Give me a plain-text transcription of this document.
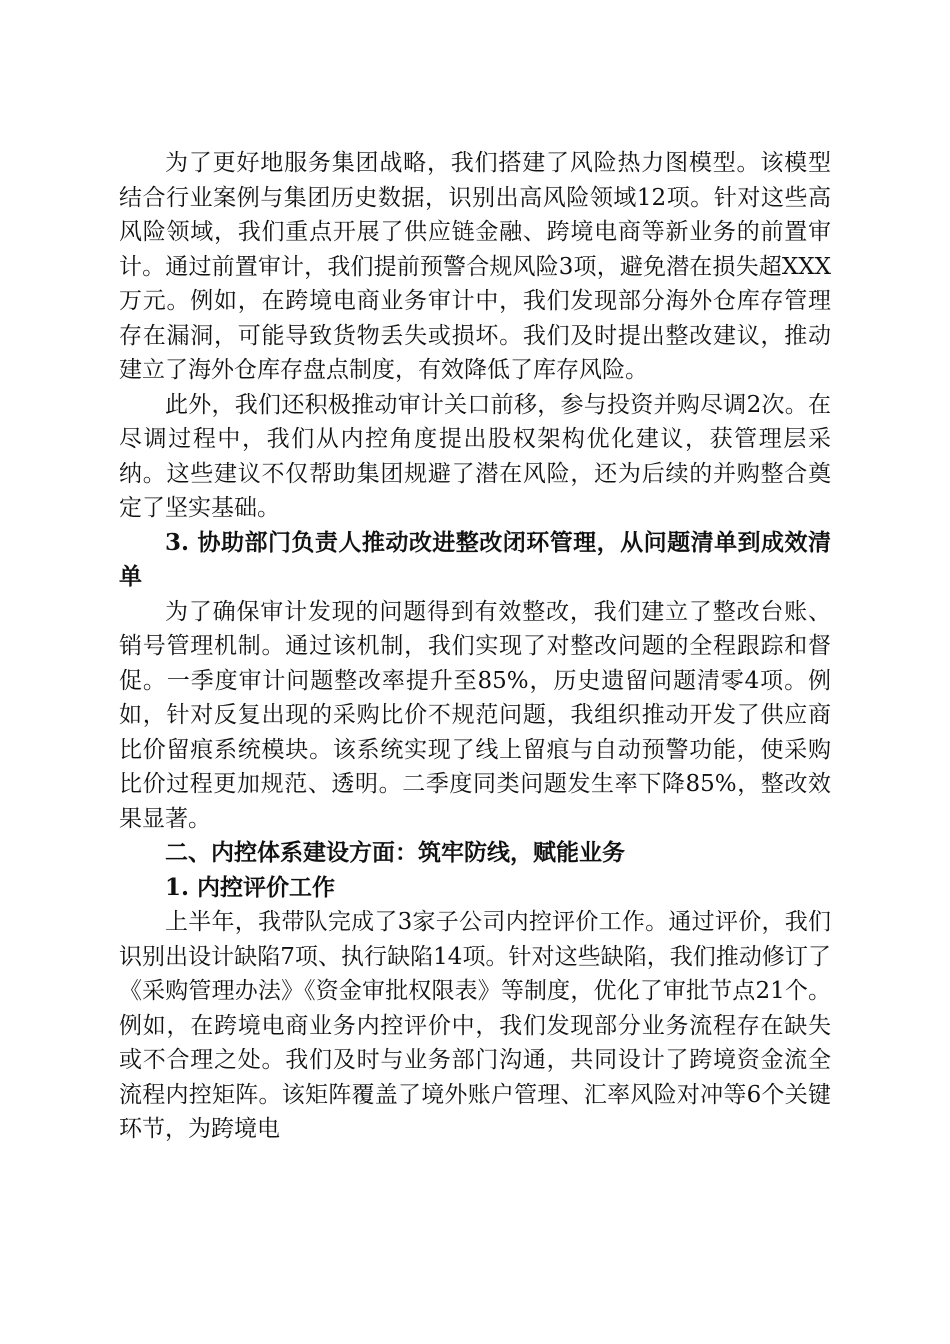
为了更好地服务集团战略，我们搭建了风险热力图模型。该模型结合行业案例与集团历史数据，识别出高风险领域12项。针对这些高风险领域，我们重点开展了供应链金融、跨境电商等新业务的前置审计。通过前置审计，我们提前预警合规风险3项，避免潜在损失超XXX万元。例如，在跨境电商业务审计中，我们发现部分海外仓库存管理存在漏洞，可能导致货物丢失或损坏。我们及时提出整改建议，推动建立了海外仓库存盘点制度，有效降低了库存风险。

此外，我们还积极推动审计关口前移，参与投资并购尽调2次。在尽调过程中，我们从内控角度提出股权架构优化建议，获管理层采纳。这些建议不仅帮助集团规避了潜在风险，还为后续的并购整合奠定了坚实基础。

3. 协助部门负责人推动改进整改闭环管理，从问题清单到成效清单

为了确保审计发现的问题得到有效整改，我们建立了整改台账、销号管理机制。通过该机制，我们实现了对整改问题的全程跟踪和督促。一季度审计问题整改率提升至85%，历史遗留问题清零4项。例如，针对反复出现的采购比价不规范问题，我组织推动开发了供应商比价留痕系统模块。该系统实现了线上留痕与自动预警功能，使采购比价过程更加规范、透明。二季度同类问题发生率下降85%，整改效果显著。

二、内控体系建设方面：筑牢防线，赋能业务

1. 内控评价工作

上半年，我带队完成了3家子公司内控评价工作。通过评价，我们识别出设计缺陷7项、执行缺陷14项。针对这些缺陷，我们推动修订了《采购管理办法》《资金审批权限表》等制度，优化了审批节点21个。例如，在跨境电商业务内控评价中，我们发现部分业务流程存在缺失或不合理之处。我们及时与业务部门沟通，共同设计了跨境资金流全流程内控矩阵。该矩阵覆盖了境外账户管理、汇率风险对冲等6个关键环节，为跨境电
